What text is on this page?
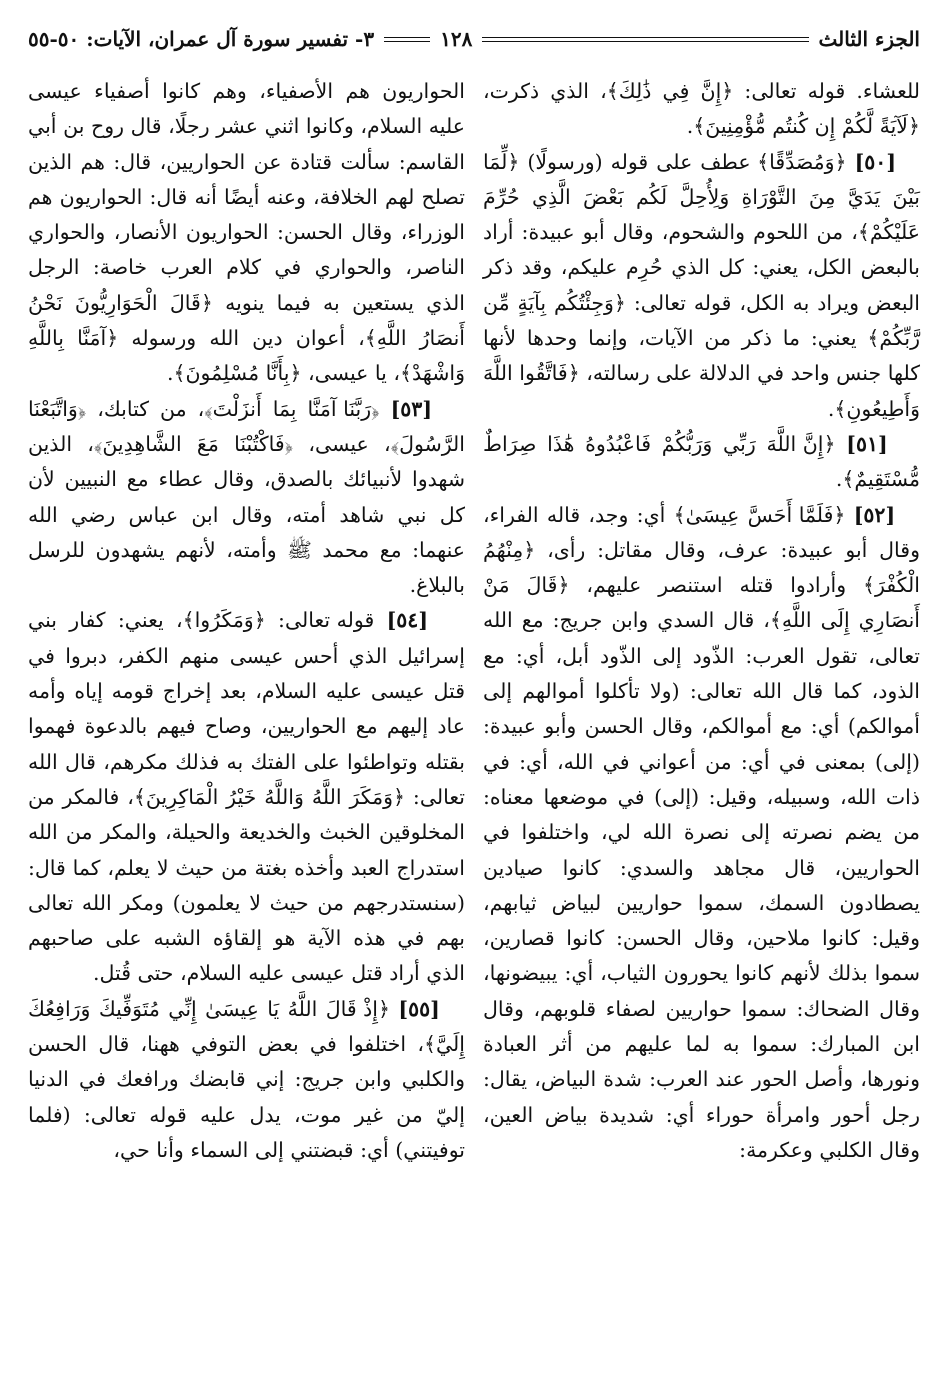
الجزء الثالث
١٢٨
٣- تفسير سورة آل عمران، الآيات: ٥٠-٥٥

للعشاء. قوله تعالى: ﴿إِنَّ فِي ذَٰلِكَ﴾، الذي ذكرت، ﴿لَآيَةً لَّكُمْ إِن كُنتُم مُّؤْمِنِينَ﴾.

[٥٠] ﴿وَمُصَدِّقًا﴾ عطف على قوله (ورسولًا) ﴿لِّمَا بَيْنَ يَدَيَّ مِنَ التَّوْرَاةِ وَلِأُحِلَّ لَكُم بَعْضَ الَّذِي حُرِّمَ عَلَيْكُمْ﴾، من اللحوم والشحوم، وقال أبو عبيدة: أراد بالبعض الكل، يعني: كل الذي حُرِم عليكم، وقد ذكر البعض ويراد به الكل، قوله تعالى: ﴿وَجِئْتُكُم بِآيَةٍ مِّن رَّبِّكُمْ﴾ يعني: ما ذكر من الآيات، وإنما وحدها لأنها كلها جنس واحد في الدلالة على رسالته، ﴿فَاتَّقُوا اللَّهَ وَأَطِيعُونِ﴾.

[٥١] ﴿إِنَّ اللَّهَ رَبِّي وَرَبُّكُمْ فَاعْبُدُوهُ هَٰذَا صِرَاطٌ مُّسْتَقِيمٌ﴾.

[٥٢] ﴿فَلَمَّا أَحَسَّ عِيسَىٰ﴾ أي: وجد، قاله الفراء، وقال أبو عبيدة: عرف، وقال مقاتل: رأى، ﴿مِنْهُمُ الْكُفْرَ﴾ وأرادوا قتله استنصر عليهم، ﴿قَالَ مَنْ أَنصَارِي إِلَى اللَّهِ﴾، قال السدي وابن جريج: مع الله تعالى، تقول العرب: الذّود إلى الذّود أبل، أي: مع الذود، كما قال الله تعالى: (ولا تأكلوا أموالهم إلى أموالكم) أي: مع أموالكم، وقال الحسن وأبو عبيدة: (إلى) بمعنى في أي: من أعواني في الله، أي: في ذات الله، وسبيله، وقيل: (إلى) في موضعها معناه: من يضم نصرته إلى نصرة الله لي، واختلفوا في الحواريين، قال مجاهد والسدي: كانوا صيادين يصطادون السمك، سموا حواريين لبياض ثيابهم، وقيل: كانوا ملاحين، وقال الحسن: كانوا قصارين، سموا بذلك لأنهم كانوا يحورون الثياب، أي: يبيضونها، وقال الضحاك: سموا حواريين لصفاء قلوبهم، وقال ابن المبارك: سموا به لما عليهم من أثر العبادة ونورها، وأصل الحور عند العرب: شدة البياض، يقال: رجل أحور وامرأة حوراء أي: شديدة بياض العين، وقال الكلبي وعكرمة:

الحواريون هم الأصفياء، وهم كانوا أصفياء عيسى عليه السلام، وكانوا اثني عشر رجلًا، قال روح بن أبي القاسم: سألت قتادة عن الحواريين، قال: هم الذين تصلح لهم الخلافة، وعنه أيضًا أنه قال: الحواريون هم الوزراء، وقال الحسن: الحواريون الأنصار، والحواري الناصر، والحواري في كلام العرب خاصة: الرجل الذي يستعين به فيما ينويه ﴿قَالَ الْحَوَارِيُّونَ نَحْنُ أَنصَارُ اللَّهِ﴾، أعوان دين الله ورسوله ﴿آمَنَّا بِاللَّهِ وَاشْهَدْ﴾، يا عيسى، ﴿بِأَنَّا مُسْلِمُونَ﴾.

[٥٣] ﴿رَبَّنَا آمَنَّا بِمَا أَنزَلْتَ﴾، من كتابك، ﴿وَاتَّبَعْنَا الرَّسُولَ﴾، عيسى، ﴿فَاكْتُبْنَا مَعَ الشَّاهِدِينَ﴾، الذين شهدوا لأنبيائك بالصدق، وقال عطاء مع النبيين لأن كل نبي شاهد أمته، وقال ابن عباس رضي الله عنهما: مع محمد ﷺ وأمته، لأنهم يشهدون للرسل بالبلاغ.

[٥٤] قوله تعالى: ﴿وَمَكَرُوا﴾، يعني: كفار بني إسرائيل الذي أحس عيسى منهم الكفر، دبروا في قتل عيسى عليه السلام، بعد إخراج قومه إياه وأمه عاد إليهم مع الحواريين، وصاح فيهم بالدعوة فهموا بقتله وتواطئوا على الفتك به فذلك مكرهم، قال الله تعالى: ﴿وَمَكَرَ اللَّهُ وَاللَّهُ خَيْرُ الْمَاكِرِينَ﴾، فالمكر من المخلوقين الخبث والخديعة والحيلة، والمكر من الله استدراج العبد وأخذه بغتة من حيث لا يعلم، كما قال: (سنستدرجهم من حيث لا يعلمون) ومكر الله تعالى بهم في هذه الآية هو إلقاؤه الشبه على صاحبهم الذي أراد قتل عيسى عليه السلام، حتى قُتل.

[٥٥] ﴿إِذْ قَالَ اللَّهُ يَا عِيسَىٰ إِنِّي مُتَوَفِّيكَ وَرَافِعُكَ إِلَيَّ﴾، اختلفوا في بعض التوفي ههنا، قال الحسن والكلبي وابن جريج: إني قابضك ورافعك في الدنيا إليّ من غير موت، يدل عليه قوله تعالى: (فلما توفيتني) أي: قبضتني إلى السماء وأنا حي،
